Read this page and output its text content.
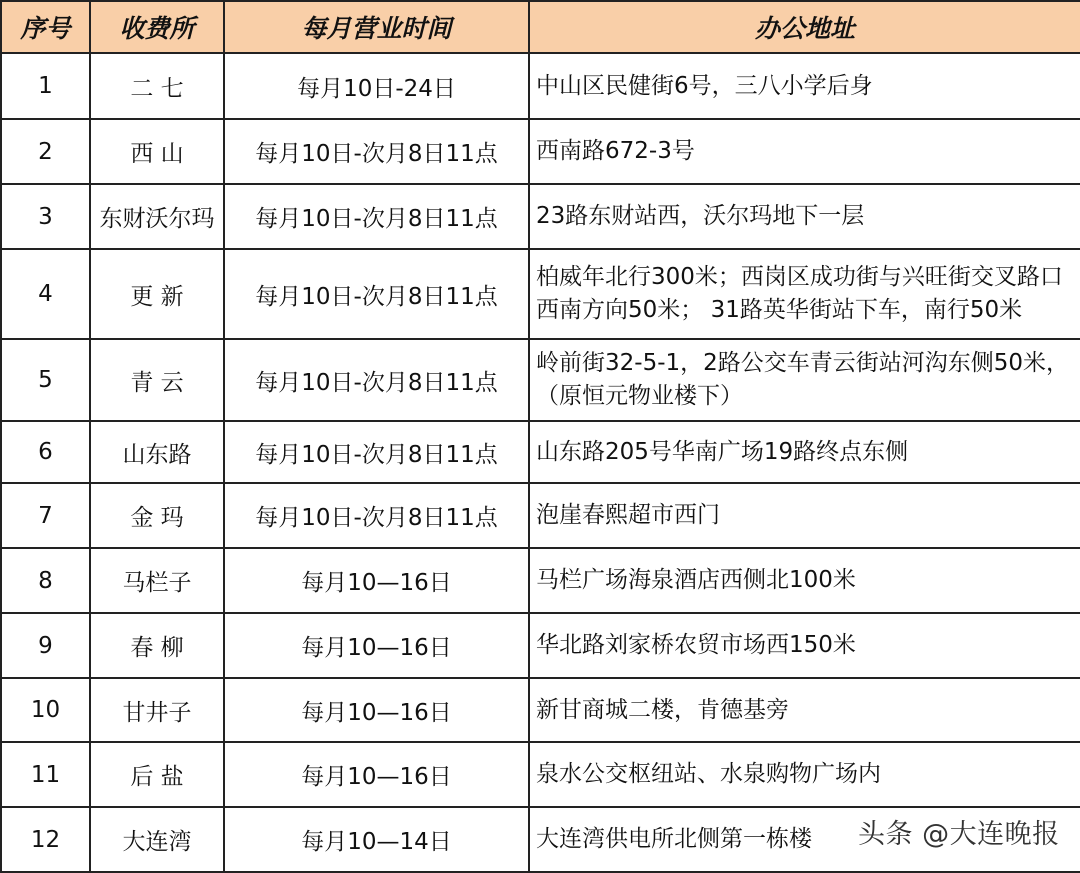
序号	收费所	每月营业时间	办公地址
1	二 七	每月10日-24日	中山区民健街6号，三八小学后身
2	西 山	每月10日-次月8日11点	西南路672-3号
3	东财沃尔玛	每月10日-次月8日11点	23路东财站西，沃尔玛地下一层
4	更 新	每月10日-次月8日11点	柏威年北行300米；西岗区成功街与兴旺街交叉路口
西南方向50米； 31路英华街站下车，南行50米
5	青 云	每月10日-次月8日11点	岭前街32-5-1，2路公交车青云街站河沟东侧50米，
（原恒元物业楼下）
6	山东路	每月10日-次月8日11点	山东路205号华南广场19路终点东侧
7	金 玛	每月10日-次月8日11点	泡崖春熙超市西门
8	马栏子	每月10—16日	马栏广场海泉酒店西侧北100米
9	春 柳	每月10—16日	华北路刘家桥农贸市场西150米
10	甘井子	每月10—16日	新甘商城二楼，肯德基旁
11	后 盐	每月10—16日	泉水公交枢纽站、水泉购物广场内
12	大连湾	每月10—14日	大连湾供电所北侧第一栋楼 头条 @大连晚报
